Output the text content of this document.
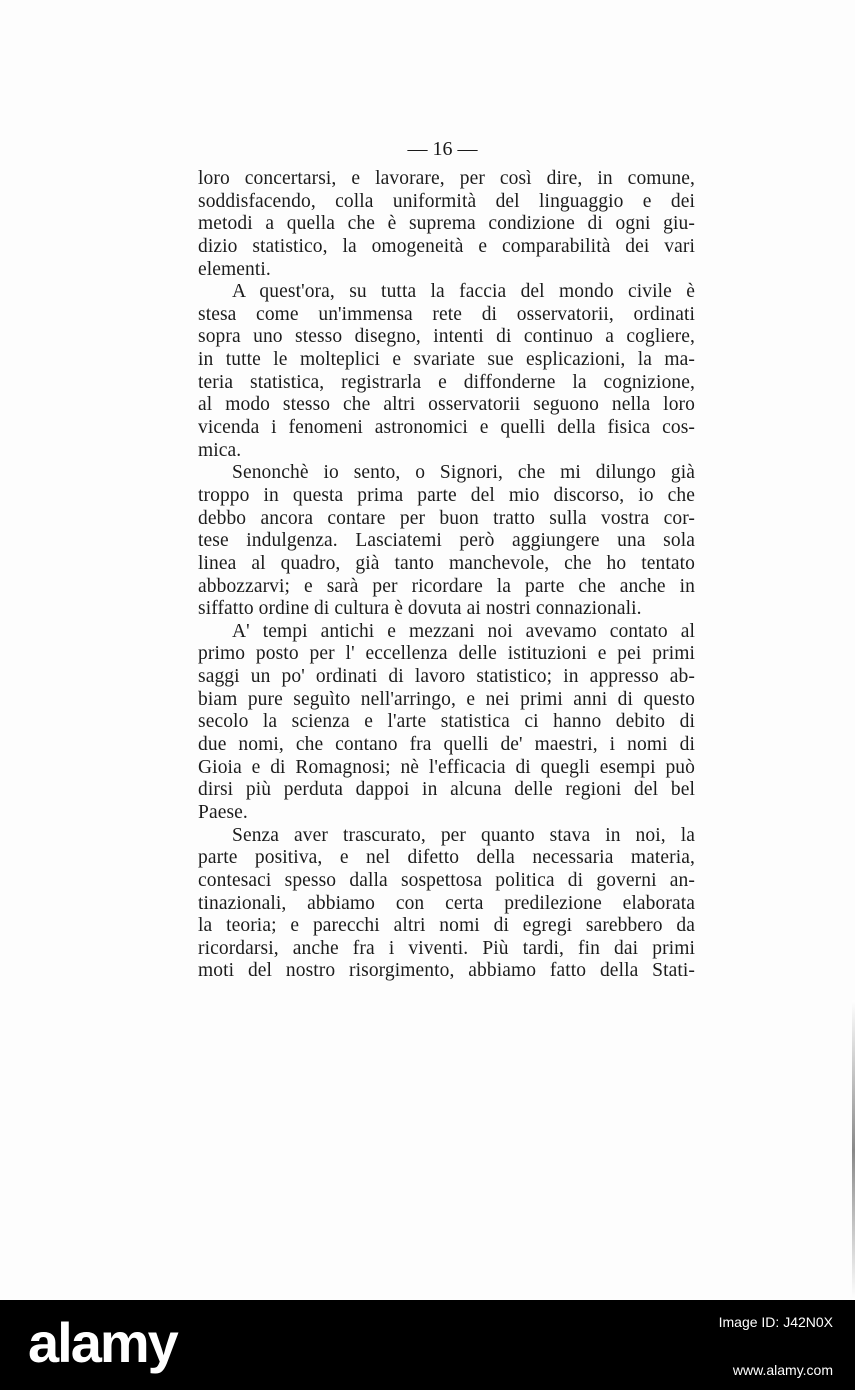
— 16 —
loro concertarsi, e lavorare, per così dire, in comune,
soddisfacendo, colla uniformità del linguaggio e dei
metodi a quella che è suprema condizione di ogni giu-
dizio statistico, la omogeneità e comparabilità dei vari
elementi.
A quest'ora, su tutta la faccia del mondo civile è
stesa come un'immensa rete di osservatorii, ordinati
sopra uno stesso disegno, intenti di continuo a cogliere,
in tutte le molteplici e svariate sue esplicazioni, la ma-
teria statistica, registrarla e diffonderne la cognizione,
al modo stesso che altri osservatorii seguono nella loro
vicenda i fenomeni astronomici e quelli della fisica cos-
mica.
Senonchè io sento, o Signori, che mi dilungo già
troppo in questa prima parte del mio discorso, io che
debbo ancora contare per buon tratto sulla vostra cor-
tese indulgenza. Lasciatemi però aggiungere una sola
linea al quadro, già tanto manchevole, che ho tentato
abbozzarvi; e sarà per ricordare la parte che anche in
siffatto ordine di cultura è dovuta ai nostri connazionali.
A' tempi antichi e mezzani noi avevamo contato al
primo posto per l' eccellenza delle istituzioni e pei primi
saggi un po' ordinati di lavoro statistico; in appresso ab-
biam pure seguìto nell'arringo, e nei primi anni di questo
secolo la scienza e l'arte statistica ci hanno debito di
due nomi, che contano fra quelli de' maestri, i nomi di
Gioia e di Romagnosi; nè l'efficacia di quegli esempi può
dirsi più perduta dappoi in alcuna delle regioni del bel
Paese.
Senza aver trascurato, per quanto stava in noi, la
parte positiva, e nel difetto della necessaria materia,
contesaci spesso dalla sospettosa politica di governi an-
tinazionali, abbiamo con certa predilezione elaborata
la teoria; e parecchi altri nomi di egregi sarebbero da
ricordarsi, anche fra i viventi. Più tardi, fin dai primi
moti del nostro risorgimento, abbiamo fatto della Stati-
alamy	Image ID: J42N0X
www.alamy.com
